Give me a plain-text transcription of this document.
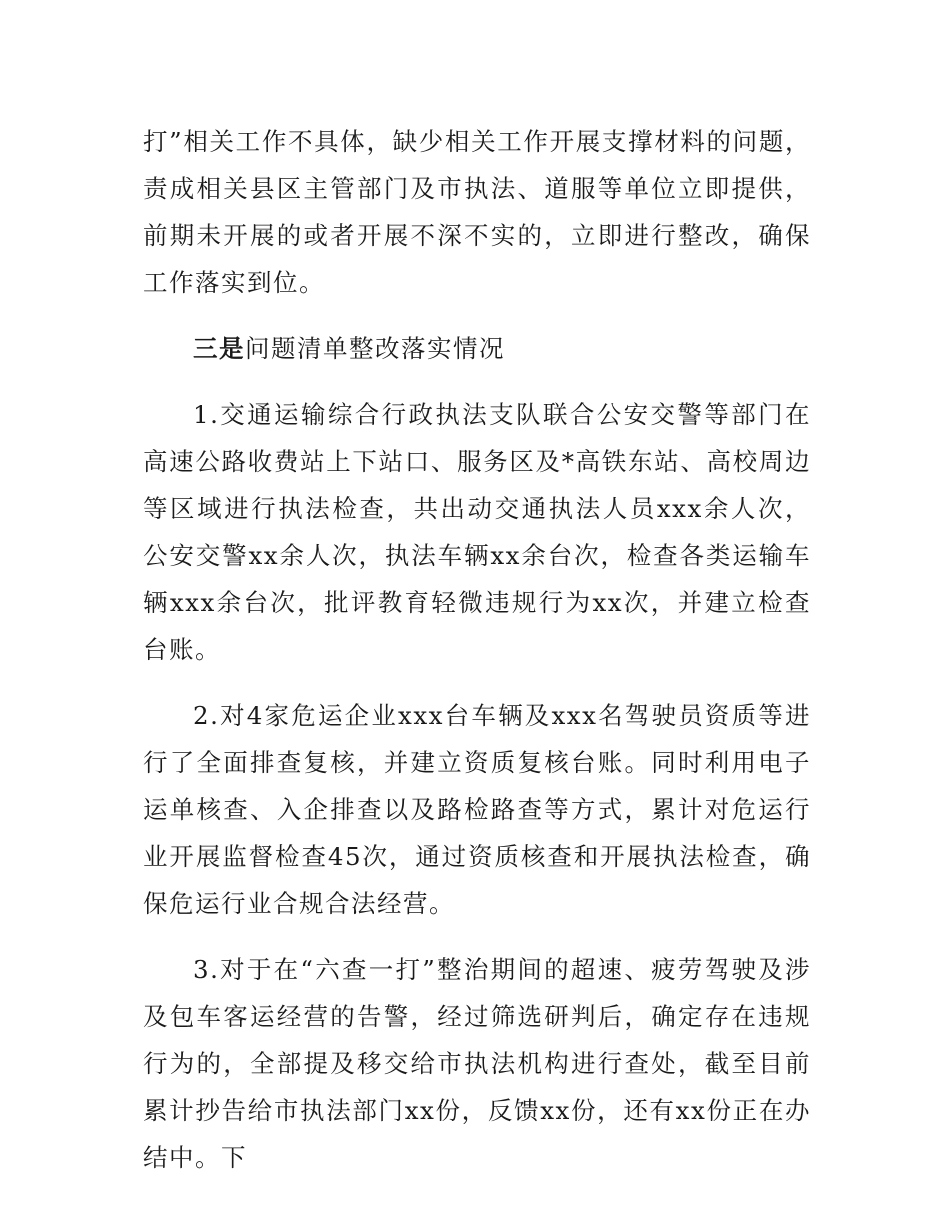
打”相关工作不具体，缺少相关工作开展支撑材料的问题，责成相关县区主管部门及市执法、道服等单位立即提供，前期未开展的或者开展不深不实的，立即进行整改，确保工作落实到位。

三是问题清单整改落实情况

1.交通运输综合行政执法支队联合公安交警等部门在高速公路收费站上下站口、服务区及*高铁东站、高校周边等区域进行执法检查，共出动交通执法人员xxx余人次，公安交警xx余人次，执法车辆xx余台次，检查各类运输车辆xxx余台次，批评教育轻微违规行为xx次，并建立检查台账。

2.对4家危运企业xxx台车辆及xxx名驾驶员资质等进行了全面排查复核，并建立资质复核台账。同时利用电子运单核查、入企排查以及路检路查等方式，累计对危运行业开展监督检查45次，通过资质核查和开展执法检查，确保危运行业合规合法经营。

3.对于在“六查一打”整治期间的超速、疲劳驾驶及涉及包车客运经营的告警，经过筛选研判后，确定存在违规行为的，全部提及移交给市执法机构进行查处，截至目前累计抄告给市执法部门xx份，反馈xx份，还有xx份正在办结中。下
